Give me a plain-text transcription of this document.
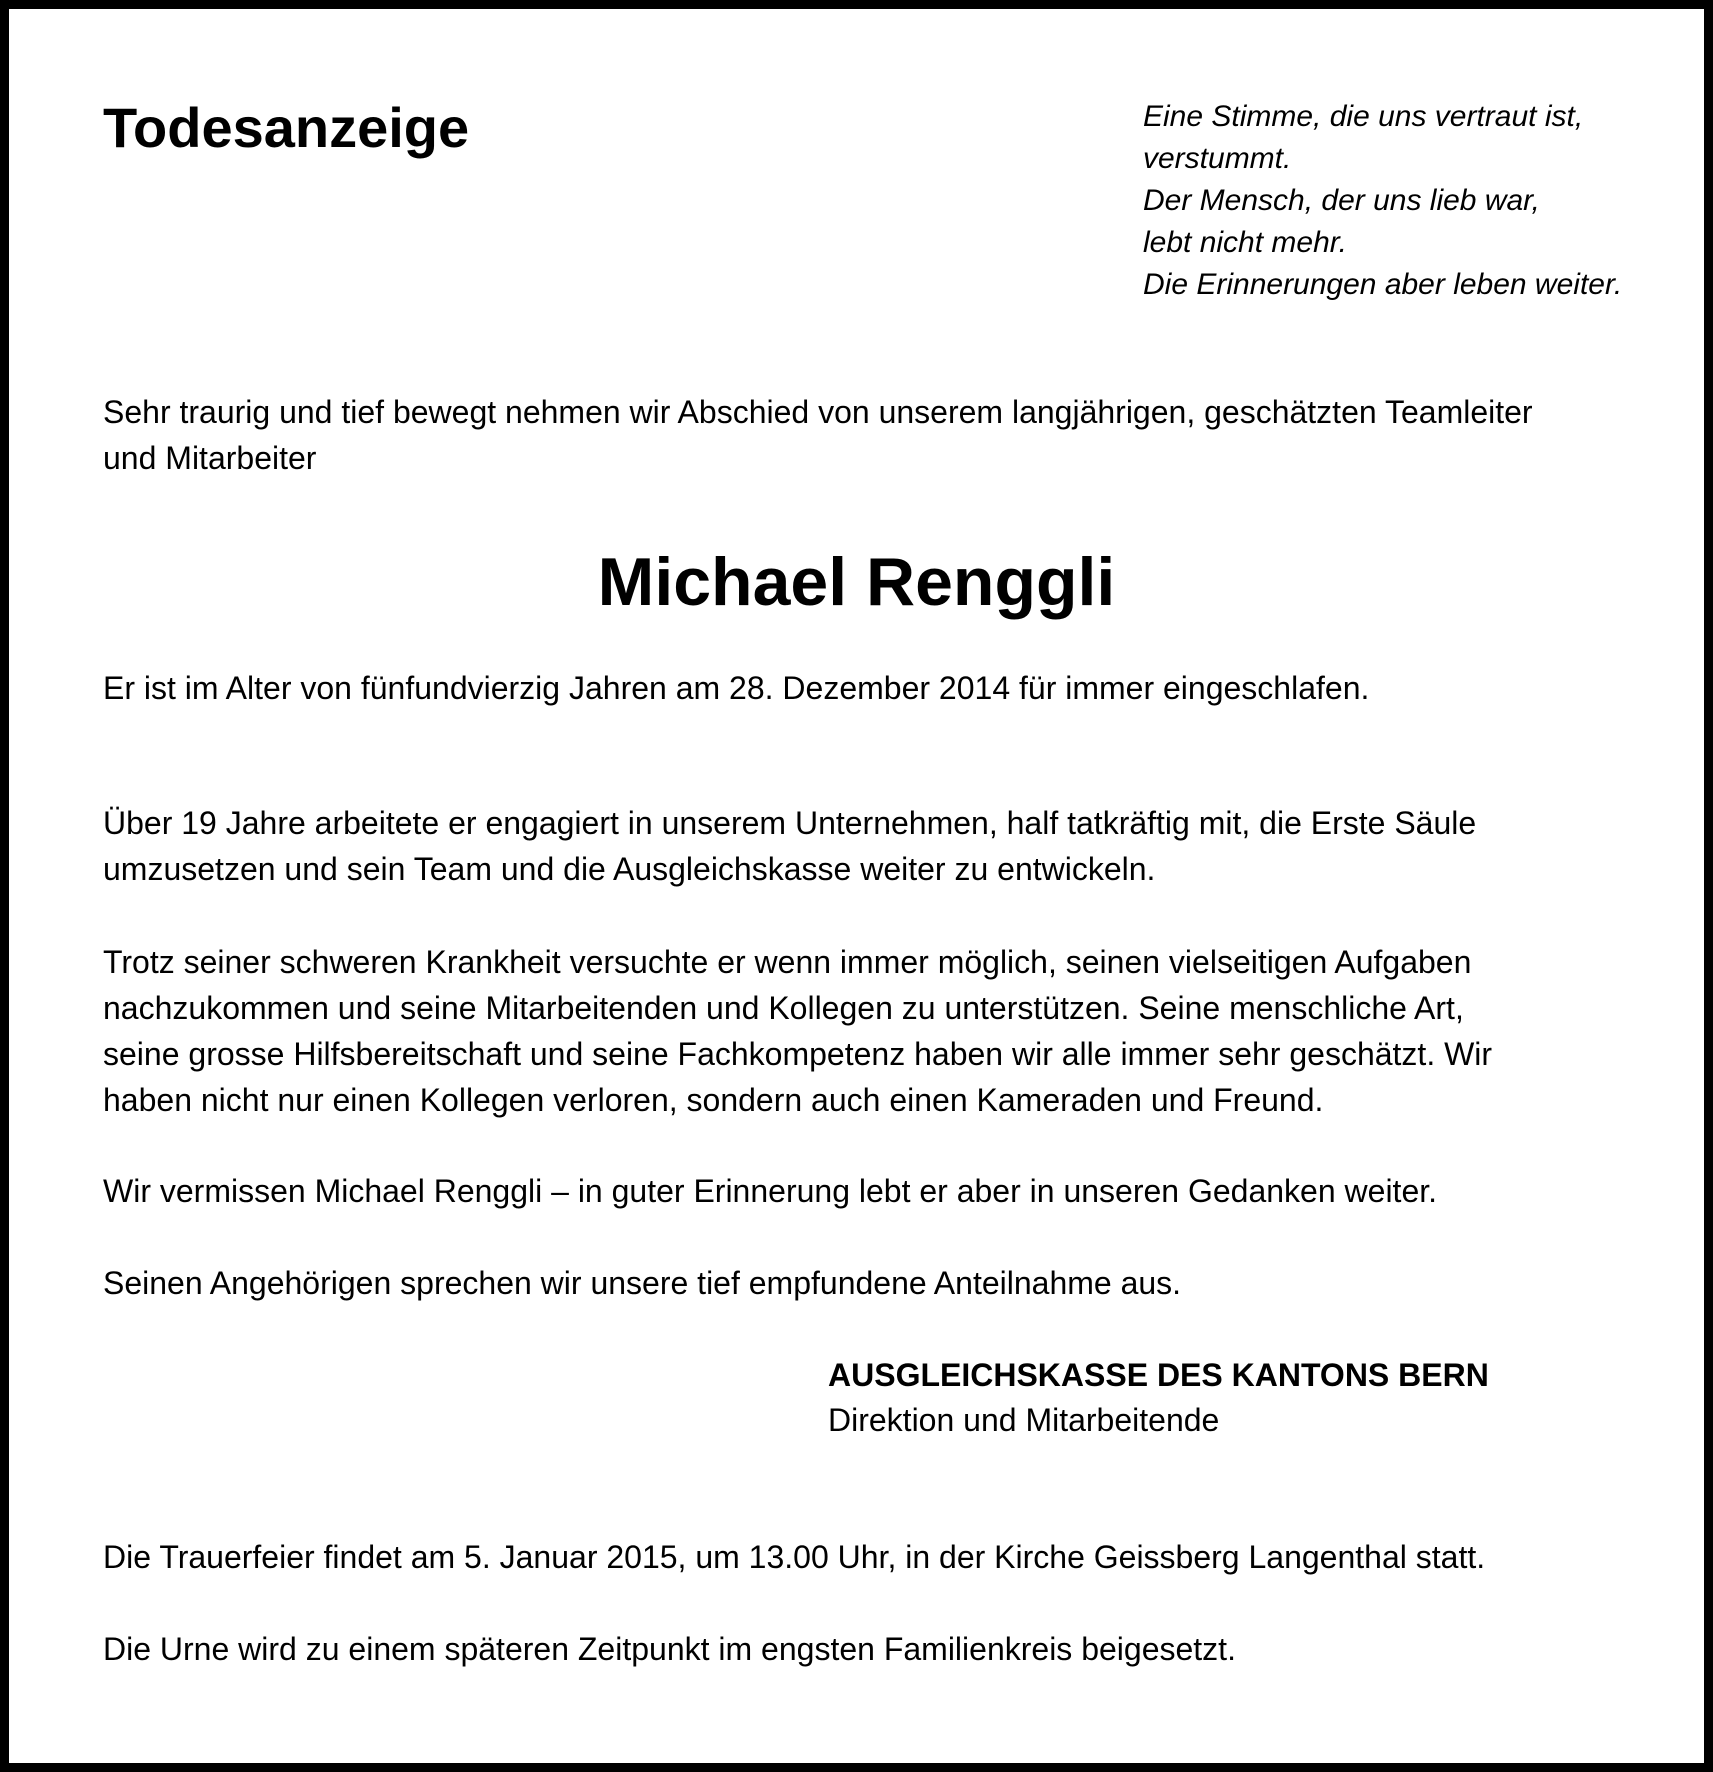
Todesanzeige	Eine Stimme, die uns vertraut ist,
verstummt.
Der Mensch, der uns lieb war,
lebt nicht mehr.
Die Erinnerungen aber leben weiter.
Sehr traurig und tief bewegt nehmen wir Abschied von unserem langjährigen, geschätzten Teamleiter
und Mitarbeiter
Michael Renggli
Er ist im Alter von fünfundvierzig Jahren am 28. Dezember 2014 für immer eingeschlafen.
Über 19 Jahre arbeitete er engagiert in unserem Unternehmen, half tatkräftig mit, die Erste Säule
umzusetzen und sein Team und die Ausgleichskasse weiter zu entwickeln.
Trotz seiner schweren Krankheit versuchte er wenn immer möglich, seinen vielseitigen Aufgaben
nachzukommen und seine Mitarbeitenden und Kollegen zu unterstützen. Seine menschliche Art,
seine grosse Hilfsbereitschaft und seine Fachkompetenz haben wir alle immer sehr geschätzt. Wir
haben nicht nur einen Kollegen verloren, sondern auch einen Kameraden und Freund.
Wir vermissen Michael Renggli – in guter Erinnerung lebt er aber in unseren Gedanken weiter.
Seinen Angehörigen sprechen wir unsere tief empfundene Anteilnahme aus.
AUSGLEICHSKASSE DES KANTONS BERN
Direktion und Mitarbeitende
Die Trauerfeier findet am 5. Januar 2015, um 13.00 Uhr, in der Kirche Geissberg Langenthal statt.
Die Urne wird zu einem späteren Zeitpunkt im engsten Familienkreis beigesetzt.
